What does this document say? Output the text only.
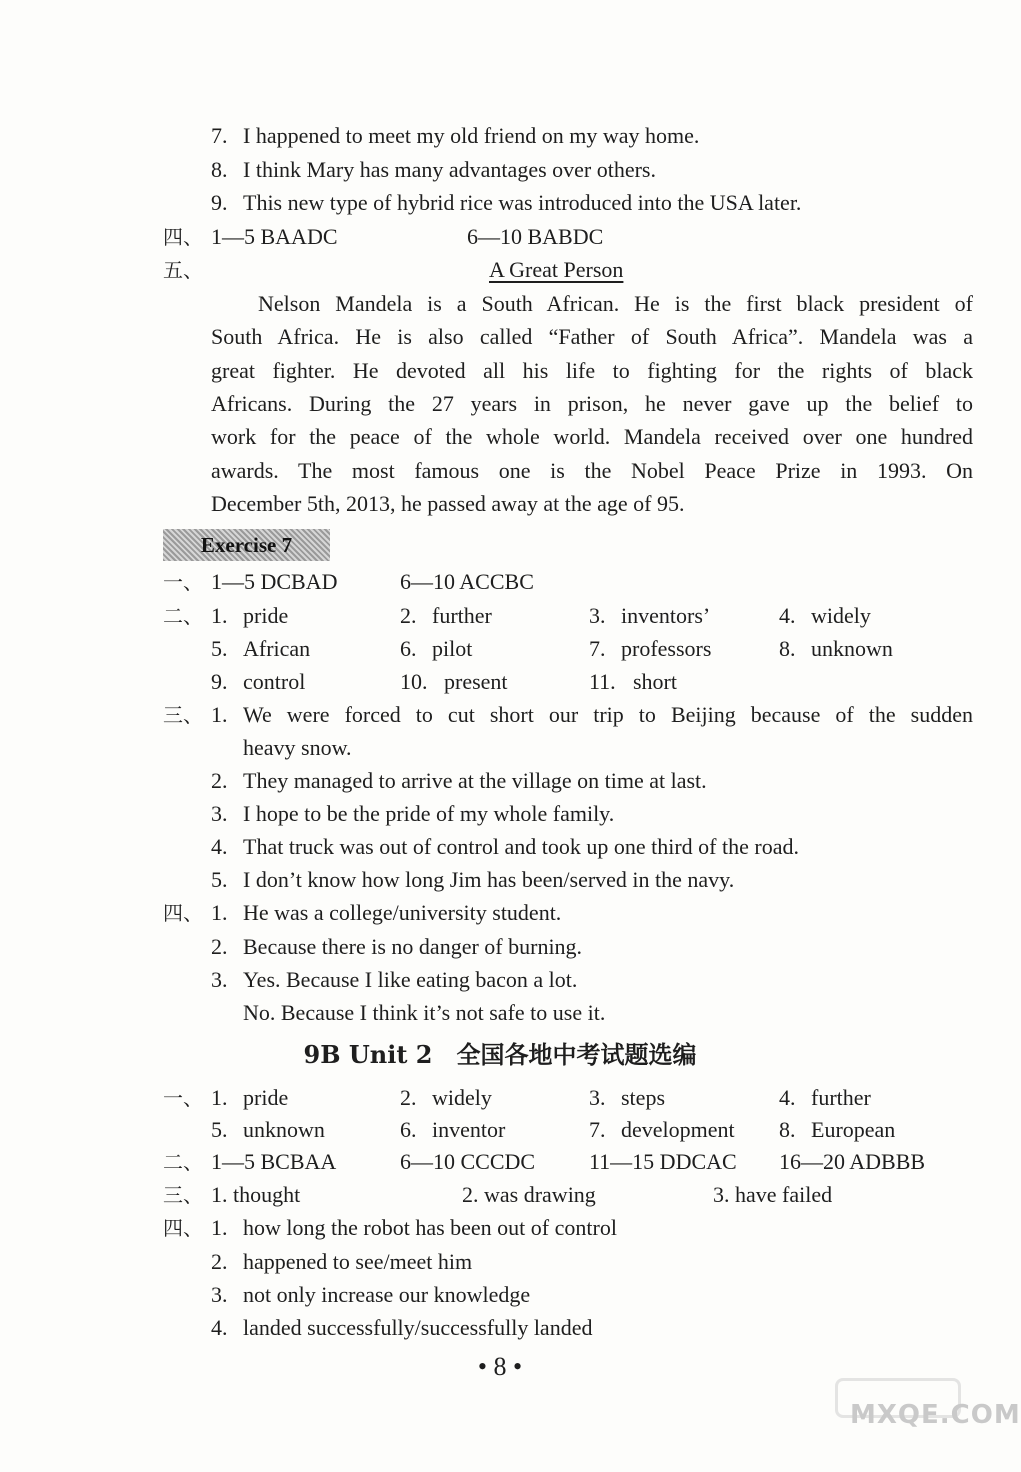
7. I happened to meet my old friend on my way home.
8. I think Mary has many advantages over others.
9. This new type of hybrid rice was introduced into the USA later.
四、 1—5 BAADC	6—10 BABDC
五、	A Great Person
Nelson Mandela is a South African. He is the first black president of
South Africa. He is also called “Father of South Africa”. Mandela was a
great fighter. He devoted all his life to fighting for the rights of black
Africans. During the 27 years in prison, he never gave up the belief to
work for the peace of the whole world. Mandela received over one hundred
awards. The most famous one is the Nobel Peace Prize in 1993. On
December 5th, 2013, he passed away at the age of 95.
Exercise 7
一、 1—5 DCBAD	6—10 ACCBC
二、 1. pride	2. further	3. inventors’	4. widely
5. African	6. pilot	7. professors	8. unknown
9. control	10. present	11. short
三、 1. We were forced to cut short our trip to Beijing because of the sudden
heavy snow.
2. They managed to arrive at the village on time at last.
3. I hope to be the pride of my whole family.
4. That truck was out of control and took up one third of the road.
5. I don’t know how long Jim has been/served in the navy.
四、 1. He was a college/university student.
2. Because there is no danger of burning.
3. Yes. Because I like eating bacon a lot.
No. Because I think it’s not safe to use it.
9B Unit 2　全国各地中考试题选编
一、 1. pride	2. widely	3. steps	4. further
5. unknown	6. inventor	7. development 8. European
二、 1—5 BCBAA	6—10 CCCDC 11—15 DDCAC 16—20 ADBBB
三、 1. thought	2. was drawing	3. have failed
四、 1. how long the robot has been out of control
2. happened to see/meet him
3. not only increase our knowledge
4. landed successfully/successfully landed
• 8 •
MXQE.COM
